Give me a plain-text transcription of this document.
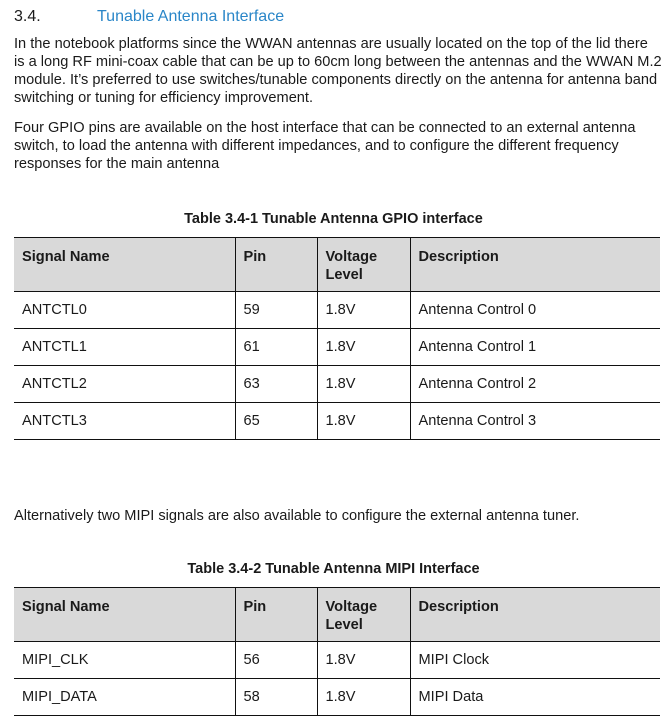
3.4.	Tunable Antenna Interface

In the notebook platforms since the WWAN antennas are usually located on the top of the lid there is a long RF mini-coax cable that can be up to 60cm long between the antennas and the WWAN M.2 module. It’s preferred to use switches/tunable components directly on the antenna for antenna band switching or tuning for efficiency improvement.

Four GPIO pins are available on the host interface that can be connected to an external antenna switch, to load the antenna with different impedances, and to configure the different frequency responses for the main antenna

Table 3.4-1 Tunable Antenna GPIO interface
Signal Name	Pin	Voltage Level	Description
ANTCTL0	59	1.8V	Antenna Control 0
ANTCTL1	61	1.8V	Antenna Control 1
ANTCTL2	63	1.8V	Antenna Control 2
ANTCTL3	65	1.8V	Antenna Control 3

Alternatively two MIPI signals are also available to configure the external antenna tuner.

Table 3.4-2 Tunable Antenna MIPI Interface
Signal Name	Pin	Voltage Level	Description
MIPI_CLK	56	1.8V	MIPI Clock
MIPI_DATA	58	1.8V	MIPI Data
